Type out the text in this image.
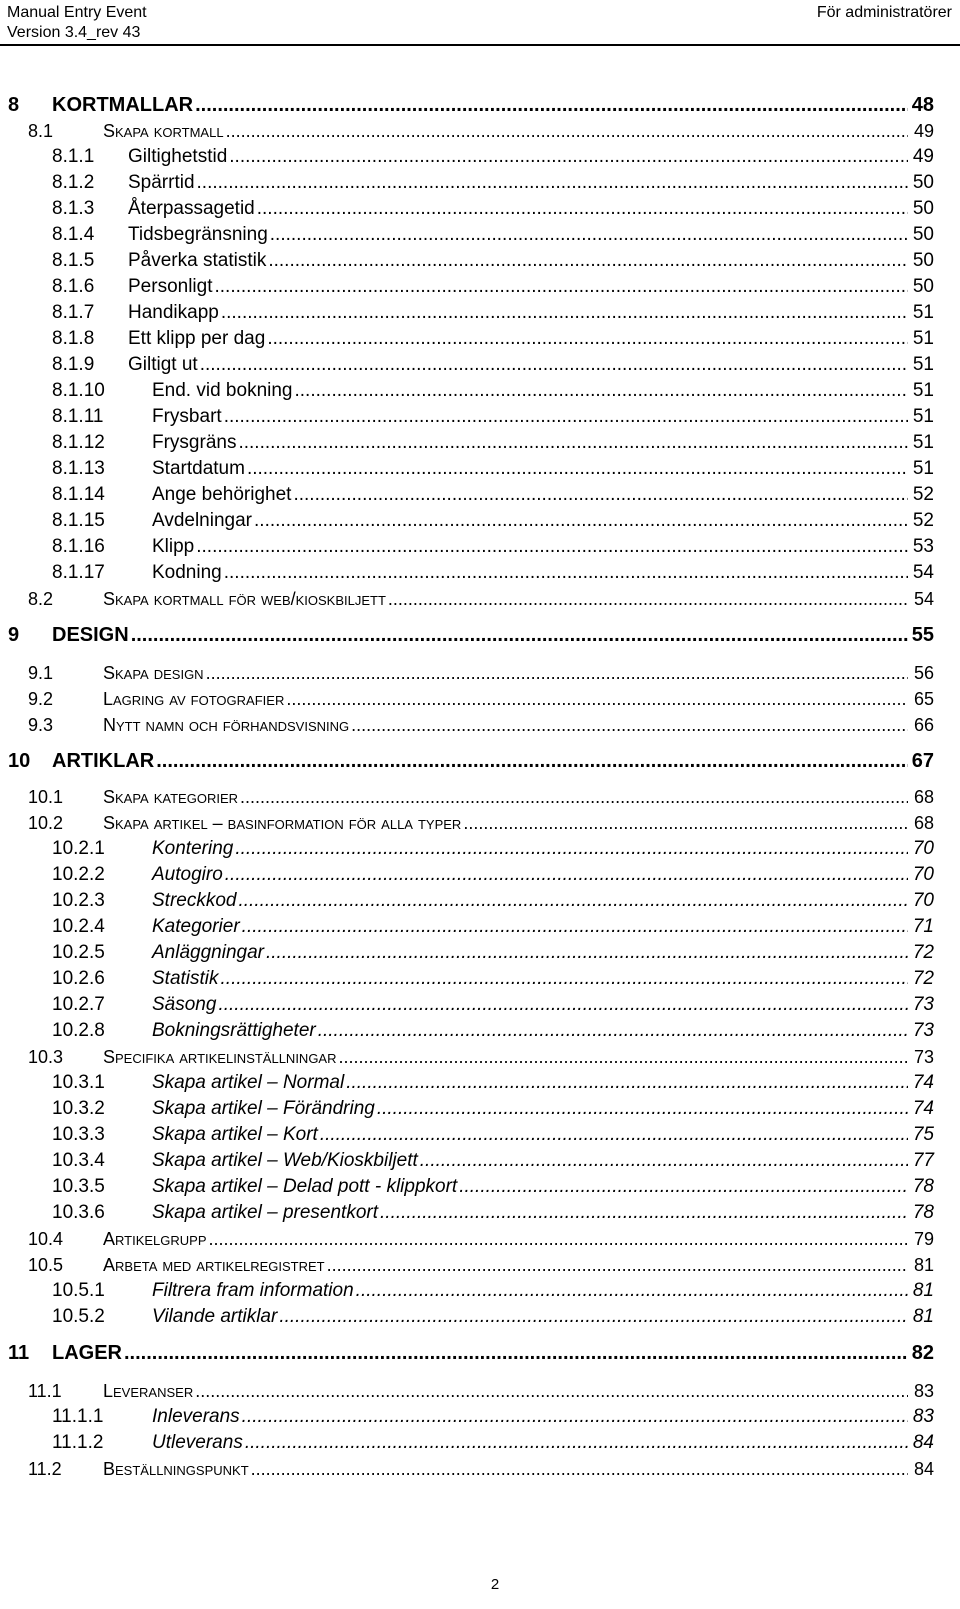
Manual Entry Event
Version 3.4_rev 43
För administratörer
8 KORTMALLAR .....	48
8.1	Skapa kortmall .....	49
8.1.1 Giltighetstid .....	49
8.1.2 Spärrtid .....	50
8.1.3 Återpassagetid .....	50
8.1.4 Tidsbegränsning .....	50
8.1.5 Påverka statistik .....	50
8.1.6 Personligt .....	50
8.1.7 Handikapp .....	51
8.1.8 Ett klipp per dag .....	51
8.1.9 Giltigt ut .....	51
8.1.10 End. vid bokning .....	51
8.1.11	Frysbart .....	51
8.1.12 Frysgräns .....	51
8.1.13 Startdatum .....	51
8.1.14 Ange behörighet .....	52
8.1.15 Avdelningar .....	52
8.1.16 Klipp .....	53
8.1.17 Kodning .....	54
8.2	Skapa kortmall för web/kioskbiljett .....	54
9 DESIGN .....	55
9.1	Skapa design .....	56
9.2	Lagring av fotografier .....	65
9.3	Nytt namn och förhandsvisning .....	66
10 ARTIKLAR .....	67
10.1 Skapa kategorier .....	68
10.2 Skapa artikel – basinformation för alla typer .....	68
10.2.1 Kontering .....	70
10.2.2 Autogiro .....	70
10.2.3 Streckkod .....	70
10.2.4 Kategorier .....	71
10.2.5 Anläggningar .....	72
10.2.6 Statistik .....	72
10.2.7 Säsong .....	73
10.2.8 Bokningsrättigheter .....	73
10.3 Specifika artikelinställningar .....	73
10.3.1 Skapa artikel – Normal .....	74
10.3.2 Skapa artikel – Förändring .....	74
10.3.3 Skapa artikel – Kort .....	75
10.3.4 Skapa artikel – Web/Kioskbiljett .....	77
10.3.5 Skapa artikel – Delad pott - klippkort .....	78
10.3.6 Skapa artikel – presentkort .....	78
10.4 Artikelgrupp .....	79
10.5 Arbeta med artikelregistret .....	81
10.5.1 Filtrera fram information .....	81
10.5.2 Vilande artiklar .....	81
11 LAGER .....	82
11.1 Leveranser .....	83
11.1.1	Inleverans .....	83
11.1.2	Utleverans .....	84
11.2 Beställningspunkt .....	84
2
